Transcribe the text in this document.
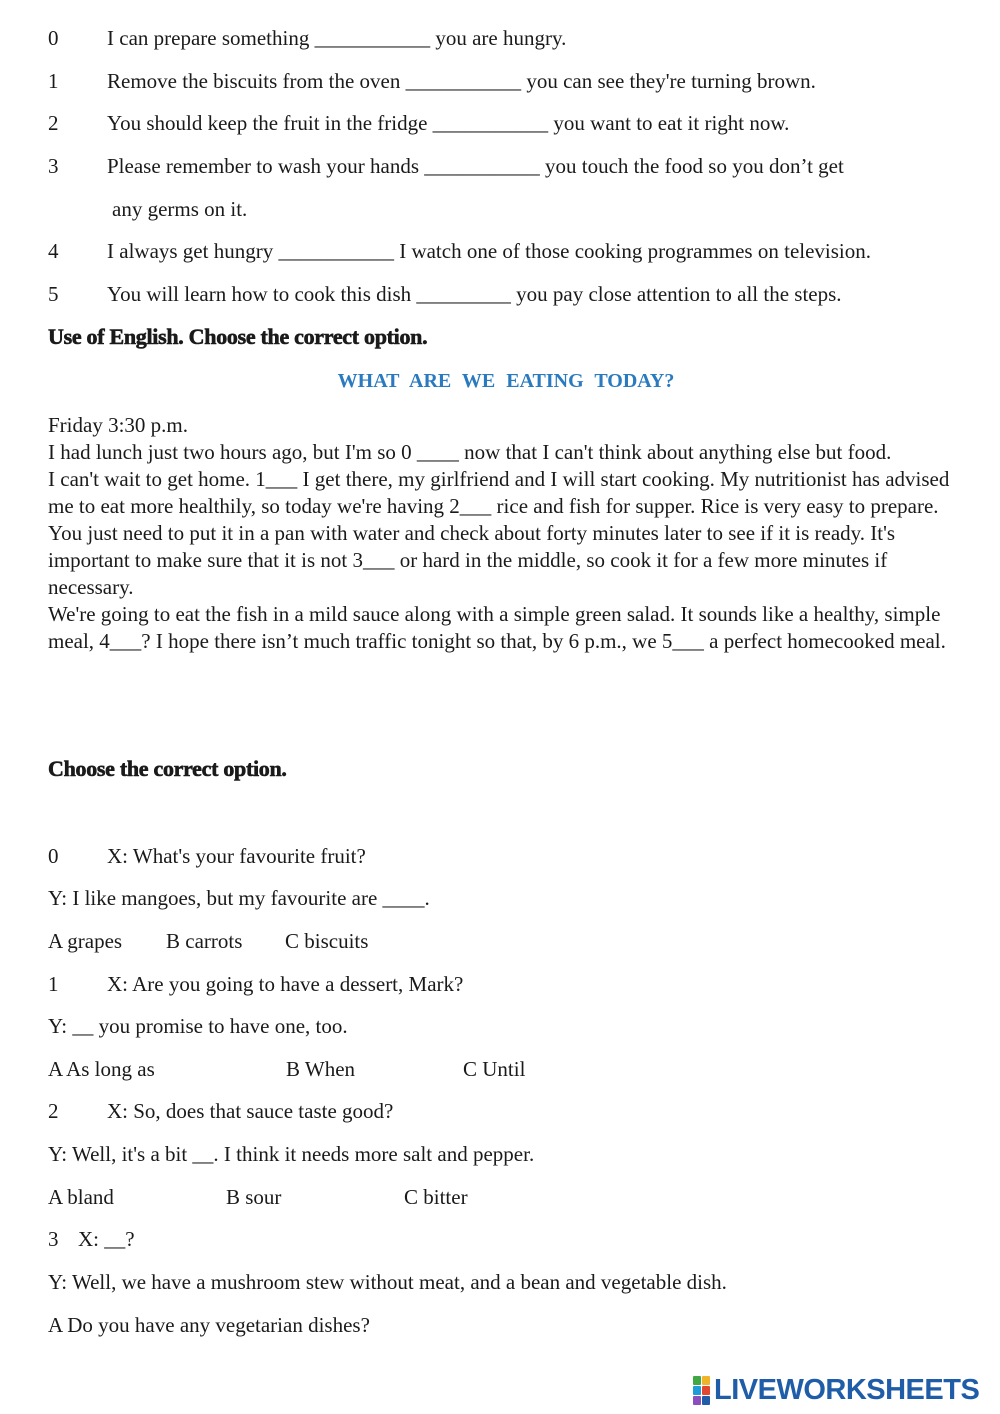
0 I can prepare something ___________ you are hungry.
1 Remove the biscuits from the oven ___________ you can see they're turning brown.
2 You should keep the fruit in the fridge ___________ you want to eat it right now.
3 Please remember to wash your hands ___________ you touch the food so you don’t get
any germs on it.
4 I always get hungry ___________ I watch one of those cooking programmes on television.
5 You will learn how to cook this dish _________ you pay close attention to all the steps.
Use of English. Choose the correct option.
WHAT ARE WE EATING TODAY?

Friday 3:30 p.m.

I had lunch just two hours ago, but I'm so 0 ____ now that I can't think about anything else but food.

I can't wait to get home. 1___ I get there, my girlfriend and I will start cooking. My nutritionist has advised me to eat more healthily, so today we're having 2___ rice and fish for supper. Rice is very easy to prepare. You just need to put it in a pan with water and check about forty minutes later to see if it is ready. It's important to make sure that it is not 3___ or hard in the middle, so cook it for a few more minutes if necessary.

We're going to eat the fish in a mild sauce along with a simple green salad. It sounds like a healthy, simple meal, 4___? I hope there isn’t much traffic tonight so that, by 6 p.m., we 5___ a perfect homecooked meal.

Choose the correct option.
0 X: What's your favourite fruit?
Y: I like mangoes, but my favourite are ____.
A grapes B carrots C biscuits
1 X: Are you going to have a dessert, Mark?
Y: __ you promise to have one, too.
A As long as	B When	C Until
2 X: So, does that sauce taste good?
Y: Well, it's a bit __. I think it needs more salt and pepper.
A bland	B sour	C bitter
3 X: __?
Y: Well, we have a mushroom stew without meat, and a bean and vegetable dish.
A Do you have any vegetarian dishes?
LIVEWORKSHEETS
